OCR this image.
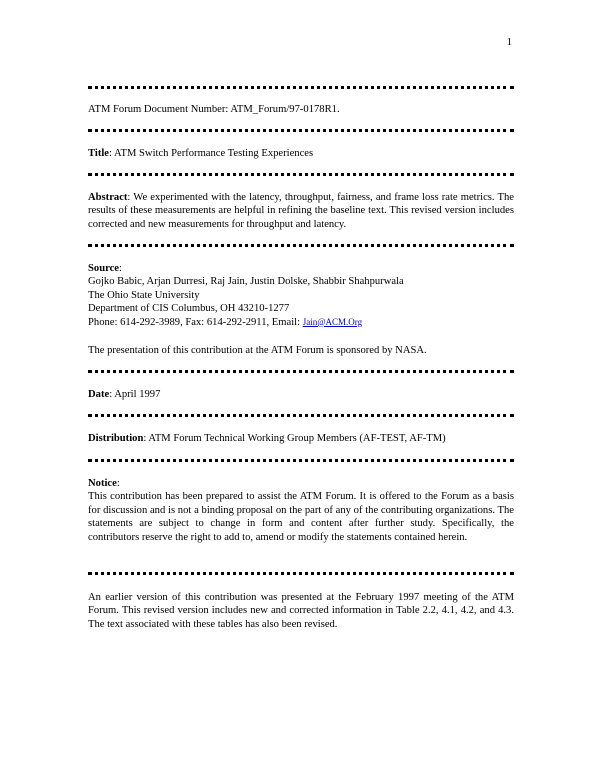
1
ATM Forum Document Number: ATM_Forum/97-0178R1.
Title: ATM Switch Performance Testing Experiences
Abstract: We experimented with the latency, throughput, fairness, and frame loss rate metrics. The results of these measurements are helpful in refining the baseline text. This revised version includes corrected and new measurements for throughput and latency.
Source:
Gojko Babic, Arjan Durresi, Raj Jain, Justin Dolske, Shabbir Shahpurwala
The Ohio State University
Department of CIS Columbus, OH 43210-1277
Phone: 614-292-3989, Fax: 614-292-2911, Email: Jain@ACM.Org
The presentation of this contribution at the ATM Forum is sponsored by NASA.
Date: April 1997
Distribution: ATM Forum Technical Working Group Members (AF-TEST, AF-TM)
Notice:
This contribution has been prepared to assist the ATM Forum. It is offered to the Forum as a basis for discussion and is not a binding proposal on the part of any of the contributing organizations. The statements are subject to change in form and content after further study. Specifically, the contributors reserve the right to add to, amend or modify the statements contained herein.
An earlier version of this contribution was presented at the February 1997 meeting of the ATM Forum. This revised version includes new and corrected information in Table 2.2, 4.1, 4.2, and 4.3. The text associated with these tables has also been revised.
